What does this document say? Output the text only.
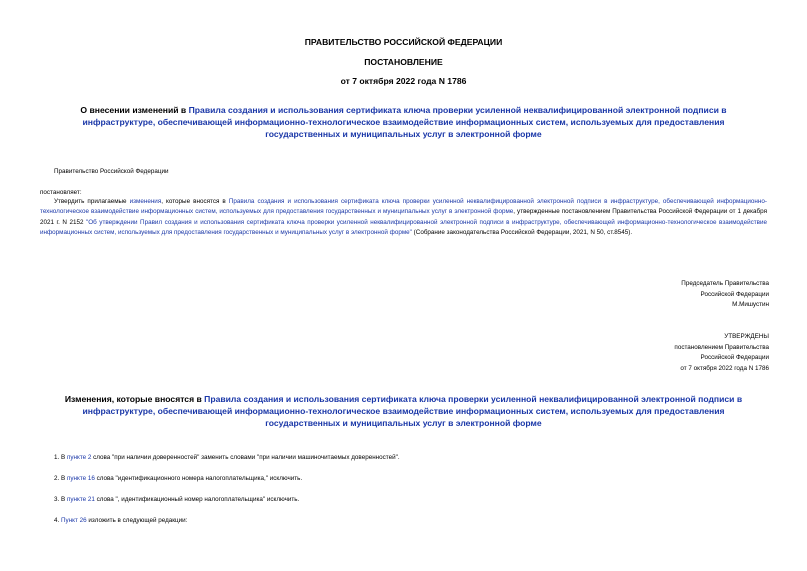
ПРАВИТЕЛЬСТВО РОССИЙСКОЙ ФЕДЕРАЦИИ
ПОСТАНОВЛЕНИЕ
от 7 октября 2022 года N 1786
О внесении изменений в Правила создания и использования сертификата ключа проверки усиленной неквалифицированной электронной подписи в инфраструктуре, обеспечивающей информационно-технологическое взаимодействие информационных систем, используемых для предоставления государственных и муниципальных услуг в электронной форме
Правительство Российской Федерации
постановляет:
Утвердить прилагаемые изменения, которые вносятся в Правила создания и использования сертификата ключа проверки усиленной неквалифицированной электронной подписи в инфраструктуре, обеспечивающей информационно-технологическое взаимодействие информационных систем, используемых для предоставления государственных и муниципальных услуг в электронной форме, утвержденные постановлением Правительства Российской Федерации от 1 декабря 2021 г. N 2152 "Об утверждении Правил создания и использования сертификата ключа проверки усиленной неквалифицированной электронной подписи в инфраструктуре, обеспечивающей информационно-технологическое взаимодействие информационных систем, используемых для предоставления государственных и муниципальных услуг в электронной форме" (Собрание законодательства Российской Федерации, 2021, N 50, ст.8545).
Председатель Правительства
Российской Федерации
М.Мишустин
УТВЕРЖДЕНЫ
постановлением Правительства
Российской Федерации
от 7 октября 2022 года N 1786
Изменения, которые вносятся в Правила создания и использования сертификата ключа проверки усиленной неквалифицированной электронной подписи в инфраструктуре, обеспечивающей информационно-технологическое взаимодействие информационных систем, используемых для предоставления государственных и муниципальных услуг в электронной форме
1. В пункте 2 слова "при наличии доверенностей" заменить словами "при наличии машиночитаемых доверенностей".
2. В пункте 16 слова "идентификационного номера налогоплательщика," исключить.
3. В пункте 21 слова ", идентификационный номер налогоплательщика" исключить.
4. Пункт 26 изложить в следующей редакции:
